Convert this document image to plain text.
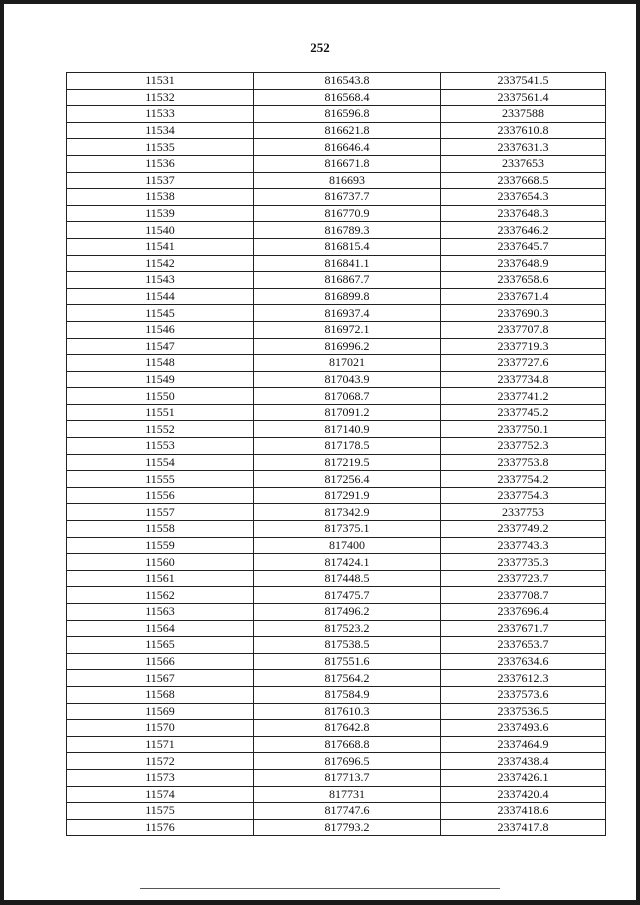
252
11531	816543.8	2337541.5
11532	816568.4	2337561.4
11533	816596.8	2337588
11534	816621.8	2337610.8
11535	816646.4	2337631.3
11536	816671.8	2337653
11537	816693	2337668.5
11538	816737.7	2337654.3
11539	816770.9	2337648.3
11540	816789.3	2337646.2
11541	816815.4	2337645.7
11542	816841.1	2337648.9
11543	816867.7	2337658.6
11544	816899.8	2337671.4
11545	816937.4	2337690.3
11546	816972.1	2337707.8
11547	816996.2	2337719.3
11548	817021	2337727.6
11549	817043.9	2337734.8
11550	817068.7	2337741.2
11551	817091.2	2337745.2
11552	817140.9	2337750.1
11553	817178.5	2337752.3
11554	817219.5	2337753.8
11555	817256.4	2337754.2
11556	817291.9	2337754.3
11557	817342.9	2337753
11558	817375.1	2337749.2
11559	817400	2337743.3
11560	817424.1	2337735.3
11561	817448.5	2337723.7
11562	817475.7	2337708.7
11563	817496.2	2337696.4
11564	817523.2	2337671.7
11565	817538.5	2337653.7
11566	817551.6	2337634.6
11567	817564.2	2337612.3
11568	817584.9	2337573.6
11569	817610.3	2337536.5
11570	817642.8	2337493.6
11571	817668.8	2337464.9
11572	817696.5	2337438.4
11573	817713.7	2337426.1
11574	817731	2337420.4
11575	817747.6	2337418.6
11576	817793.2	2337417.8
